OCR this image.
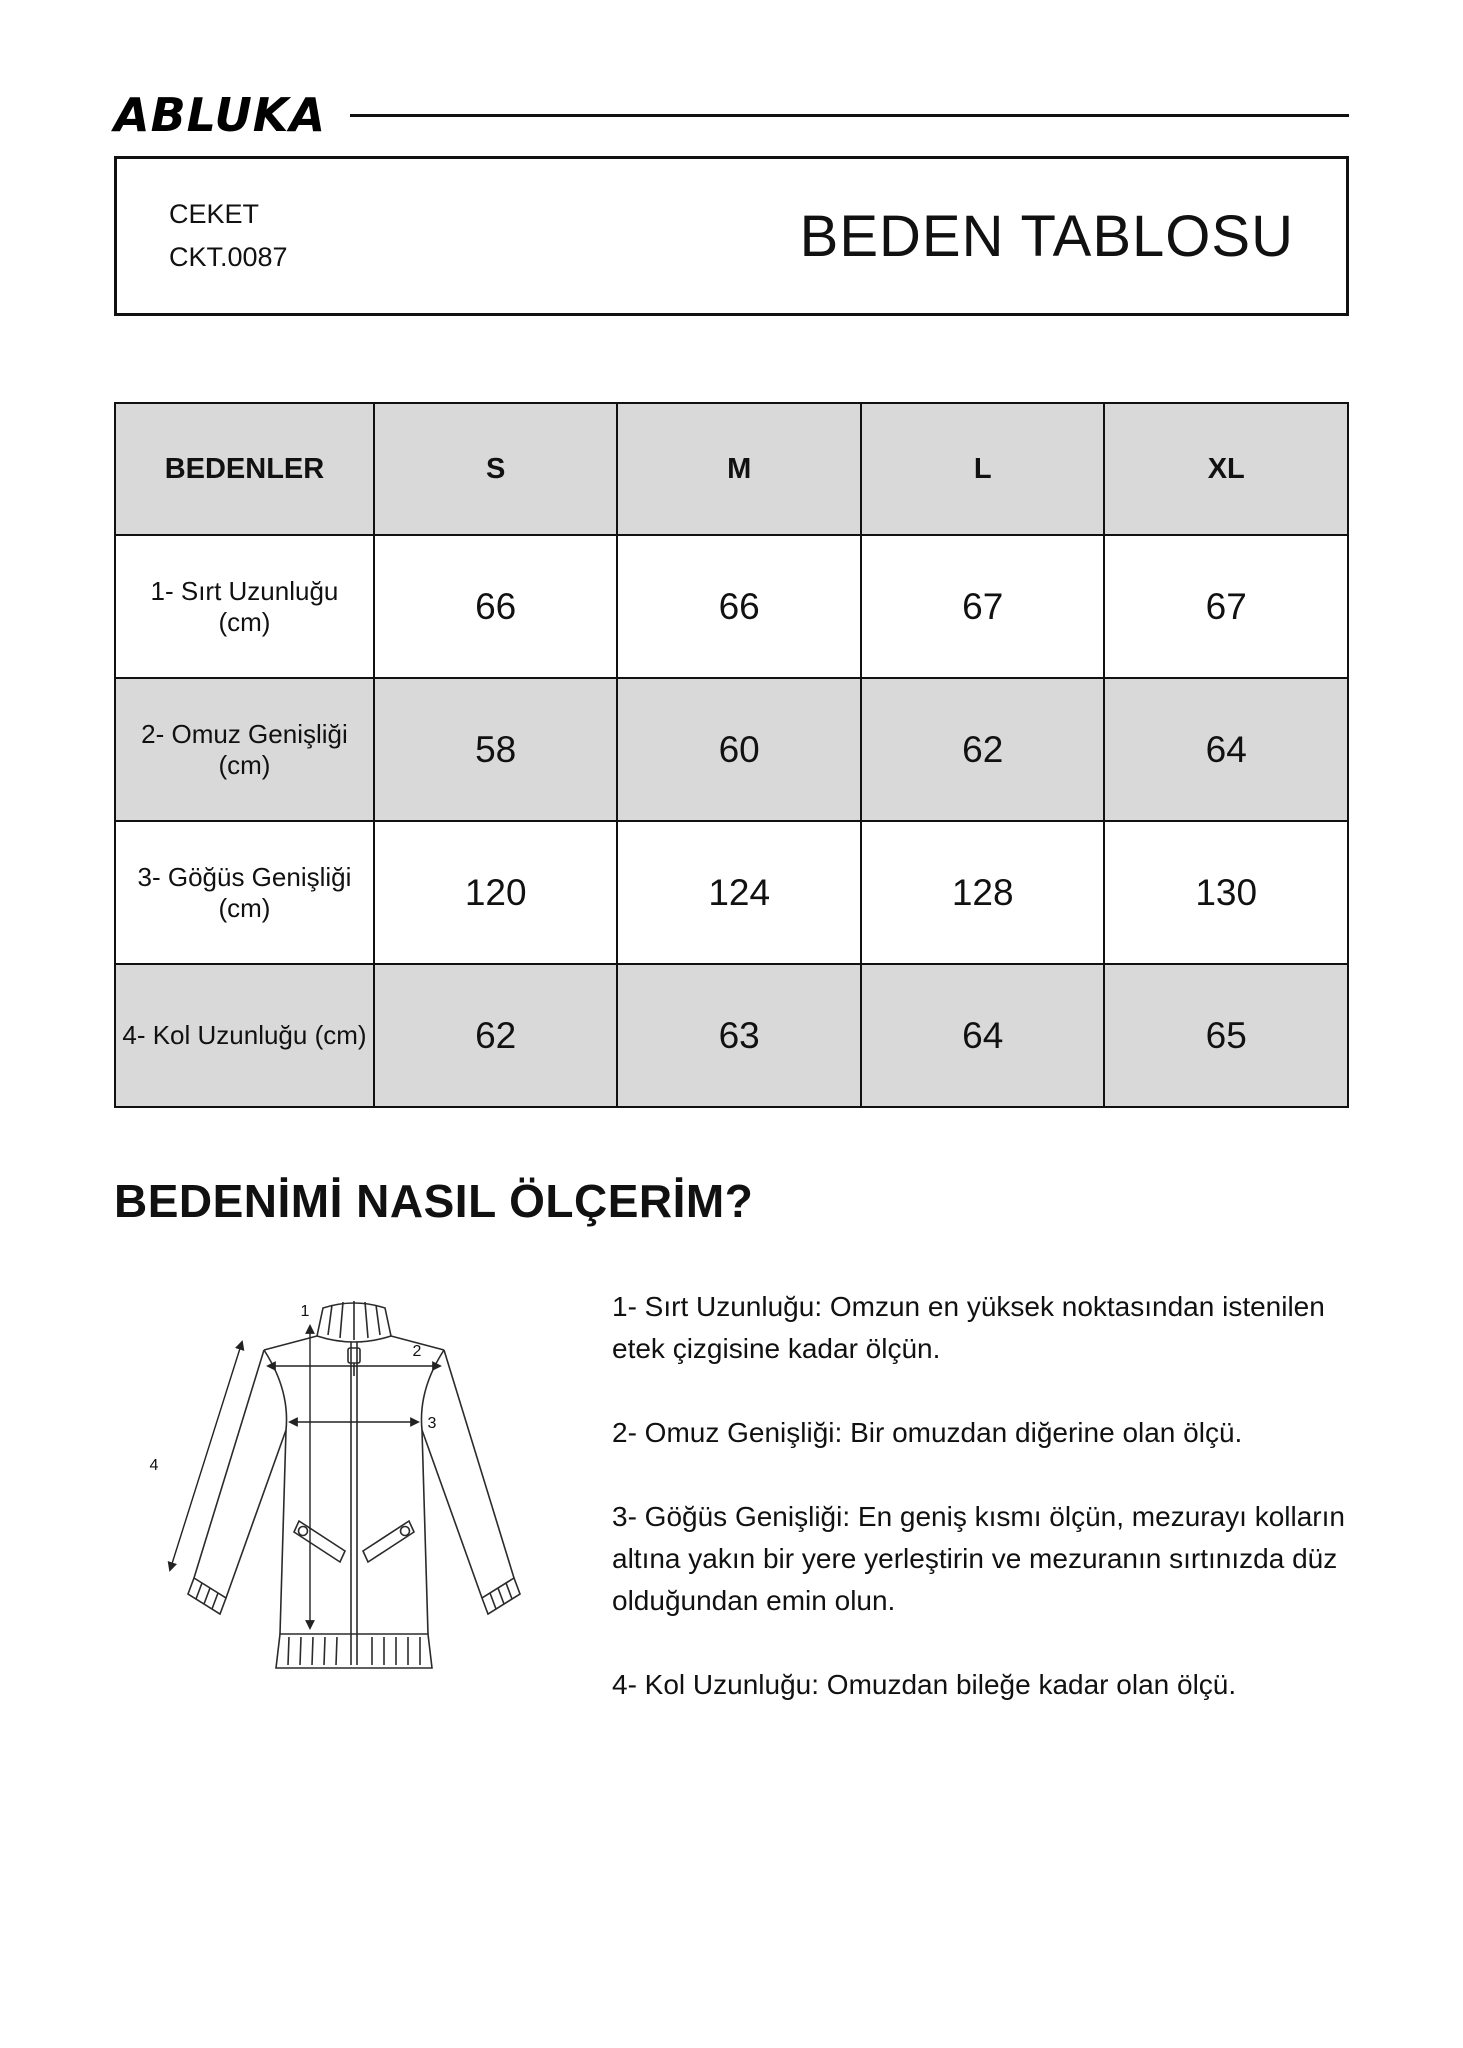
ABLUKA
CEKET
CKT.0087	BEDEN TABLOSU
BEDENLER	S	M	L	XL
1- Sırt Uzunluğu (cm)	66	66	67	67
2- Omuz Genişliği (cm)	58	60	62	64
3- Göğüs Genişliği (cm)	120	124	128	130
4- Kol Uzunluğu (cm)	62	63	64	65
BEDENİMİ NASIL ÖLÇERİM?
1
2
3
4

1- Sırt Uzunluğu: Omzun en yüksek noktasından istenilen etek çizgisine kadar ölçün.

2- Omuz Genişliği: Bir omuzdan diğerine olan ölçü.

3- Göğüs Genişliği: En geniş kısmı ölçün, mezurayı kolların altına yakın bir yere yerleştirin ve mezuranın sırtınızda düz olduğundan emin olun.

4- Kol Uzunluğu: Omuzdan bileğe kadar olan ölçü.
